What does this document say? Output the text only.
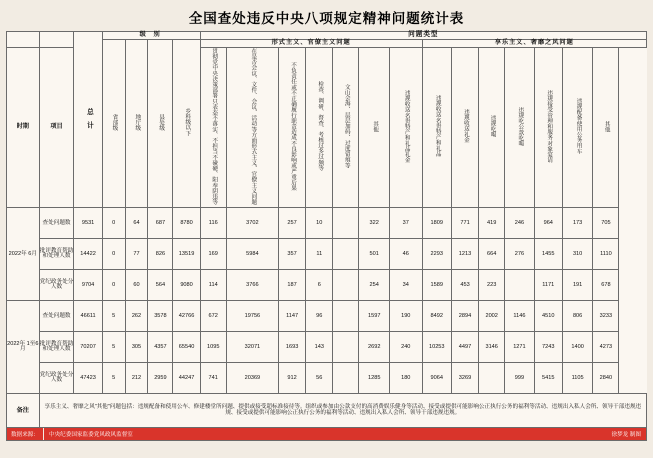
全国查处违反中央八项规定精神问题统计表
		总 计	级 别				问题类型													
			省部级	地厅级	县处级	乡科级以下	形式主义、官僚主义问题							享乐主义、奢靡之风问题						
时期	项目						贯彻党中央决策部署只表态不落实、不担当不碰硬、阳奉阴违等	在是否会议、文件、会议、活动等方面形式主义、官僚主义问题	不负责任或不正确履行职责造成不良影响或严重后果	检查、调研、督查、考核过多过频等	文山会海、层层加码、过度留痕等	其他	违规收送名贵特产和礼品礼金	违规收送名贵特产和礼品	违规收送礼金	违规吃喝	违规吃公款吃喝	违规接受管理和服务对象宴请	违规配备使用公务用车	其他
2022年 6月	查处问题数	9531	0	64	687	8780	116	3702	257	10		322	37	1809	771	419	246	964	173	705
	批评教育帮助和处理人数	14422	0	77	826	13519	169	5984	357	11		501	46	2293	1213	664	276	1455	310	1110
	党纪政务处分人数	9704	0	60	564	9080	114	3766	187	6		254	34	1589	453	223		1171	191	678
2022年 1至6月	查处问题数	46611	5	262	3578	42766	672	19756	1147	96		1597	190	8492	2894	2002	1146	4510	806	3233
	批评教育帮助和处理人数	70207	5	305	4357	65540	1095	32071	1693	143		2692	240	10253	4497	3146	1271	7243	1400	4273
	党纪政务处分人数	47423	5	212	2959	44247	741	20369	912	56		1285	180	9064	3269		999	5415	1105	2840
备注	享乐主义、奢靡之风“其他”问题包括：违规配备和使用公车、修建楼堂所问题、提供或接受超标准接待等。组织或参加由公款支付的高消费娱乐健身等活动、接受或提供可能影响公正执行公务的福利等活动、违规出入私人会所、领导干部违规违规、接受或提供可能影响公正执行公务的福利等活动、违规出入私人会所、领导干部违规违规。																			
数据来源：	中央纪委国家监委党风政风监督室	徐梦龙 制图
